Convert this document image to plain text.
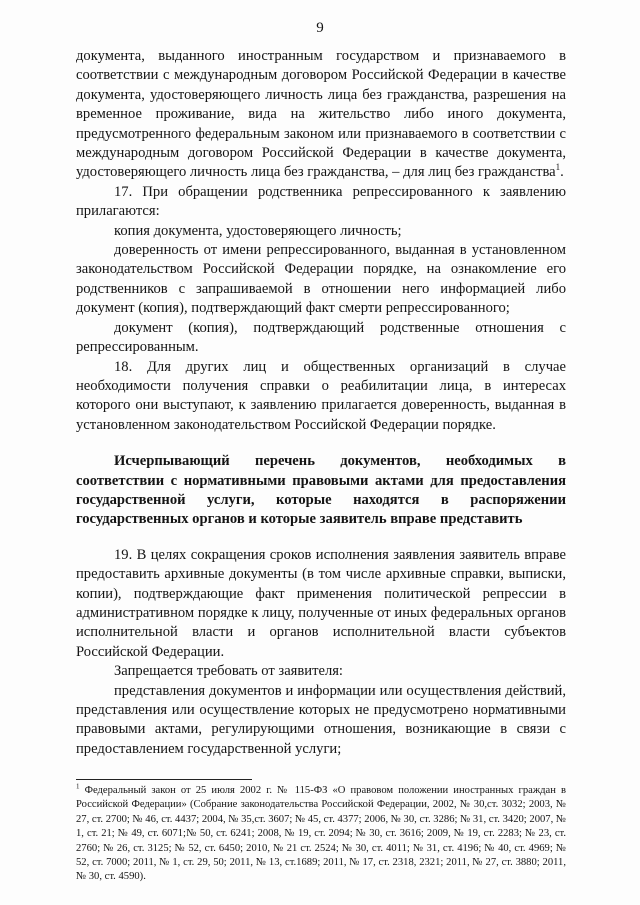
9

документа, выданного иностранным государством и признаваемого в соответствии с международным договором Российской Федерации в качестве документа, удостоверяющего личность лица без гражданства, разрешения на временное проживание, вида на жительство либо иного документа, предусмотренного федеральным законом или признаваемого в соответствии с международным договором Российской Федерации в качестве документа, удостоверяющего личность лица без гражданства, – для лиц без гражданства$^1$.

17. При обращении родственника репрессированного к заявлению прилагаются:

копия документа, удостоверяющего личность;

доверенность от имени репрессированного, выданная в установленном законодательством Российской Федерации порядке, на ознакомление его родственников с запрашиваемой в отношении него информацией либо документ (копия), подтверждающий факт смерти репрессированного;

документ (копия), подтверждающий родственные отношения с репрессированным.

18. Для других лиц и общественных организаций в случае необходимости получения справки о реабилитации лица, в интересах которого они выступают, к заявлению прилагается доверенность, выданная в установленном законодательством Российской Федерации порядке.

Исчерпывающий перечень документов, необходимых в соответствии с нормативными правовыми актами для предоставления государственной услуги, которые находятся в распоряжении государственных органов и которые заявитель вправе представить

19. В целях сокращения сроков исполнения заявления заявитель вправе предоставить архивные документы (в том числе архивные справки, выписки, копии), подтверждающие факт применения политической репрессии в административном порядке к лицу, полученные от иных федеральных органов исполнительной власти и органов исполнительной власти субъектов Российской Федерации.

Запрещается требовать от заявителя:

представления документов и информации или осуществления действий, представления или осуществление которых не предусмотрено нормативными правовыми актами, регулирующими отношения, возникающие в связи с предоставлением государственной услуги;

$^1$ Федеральный закон от 25 июля 2002 г. № 115-ФЗ «О правовом положении иностранных граждан в Российской Федерации» (Собрание законодательства Российской Федерации, 2002, № 30,ст. 3032; 2003, № 27, ст. 2700; № 46, ст. 4437; 2004, № 35,ст. 3607; № 45, ст. 4377; 2006, № 30, ст. 3286; № 31, ст. 3420; 2007, № 1, ст. 21; № 49, ст. 6071;№ 50, ст. 6241; 2008, № 19, ст. 2094; № 30, ст. 3616; 2009, № 19, ст. 2283; № 23, ст. 2760; № 26, ст. 3125; № 52, ст. 6450; 2010, № 21 ст. 2524; № 30, ст. 4011; № 31, ст. 4196; № 40, ст. 4969; № 52, ст. 7000; 2011, № 1, ст. 29, 50; 2011, № 13, ст.1689; 2011, № 17, ст. 2318, 2321; 2011, № 27, ст. 3880; 2011, № 30, ст. 4590).
